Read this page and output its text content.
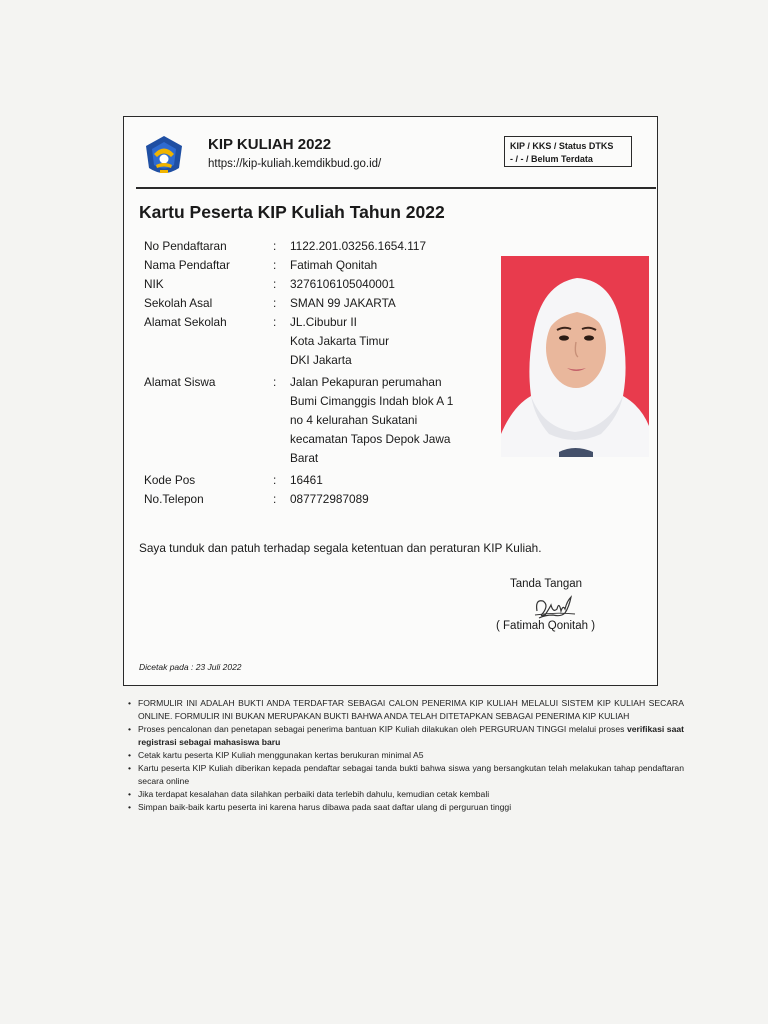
KIP KULIAH 2022
https://kip-kuliah.kemdikbud.go.id/
KIP / KKS / Status DTKS
- / - / Belum Terdata
Kartu Peserta KIP Kuliah Tahun 2022
No Pendaftaran	: 1122.201.03256.1654.117
Nama Pendaftar	: Fatimah Qonitah
NIK	: 3276106105040001
Sekolah Asal	: SMAN 99 JAKARTA
Alamat Sekolah	: JL.Cibubur II
Kota Jakarta Timur
DKI Jakarta
Alamat Siswa	: Jalan Pekapuran perumahan
Bumi Cimanggis Indah blok A 1
no 4 kelurahan Sukatani
kecamatan Tapos Depok Jawa
Barat
Kode Pos	: 16461
No.Telepon	: 087772987089
Saya tunduk dan patuh terhadap segala ketentuan dan peraturan KIP Kuliah.
Tanda Tangan
( Fatimah Qonitah )
Dicetak pada : 23 Juli 2022
• FORMULIR INI ADALAH BUKTI ANDA TERDAFTAR SEBAGAI CALON PENERIMA KIP KULIAH MELALUI SISTEM KIP KULIAH SECARA ONLINE. FORMULIR INI BUKAN MERUPAKAN BUKTI BAHWA ANDA TELAH DITETAPKAN SEBAGAI PENERIMA KIP KULIAH
• Proses pencalonan dan penetapan sebagai penerima bantuan KIP Kuliah dilakukan oleh PERGURUAN TINGGI melalui proses verifikasi saat registrasi sebagai mahasiswa baru
• Cetak kartu peserta KIP Kuliah menggunakan kertas berukuran minimal A5
• Kartu peserta KIP Kuliah diberikan kepada pendaftar sebagai tanda bukti bahwa siswa yang bersangkutan telah melakukan tahap pendaftaran secara online
• Jika terdapat kesalahan data silahkan perbaiki data terlebih dahulu, kemudian cetak kembali
• Simpan baik-baik kartu peserta ini karena harus dibawa pada saat daftar ulang di perguruan tinggi
